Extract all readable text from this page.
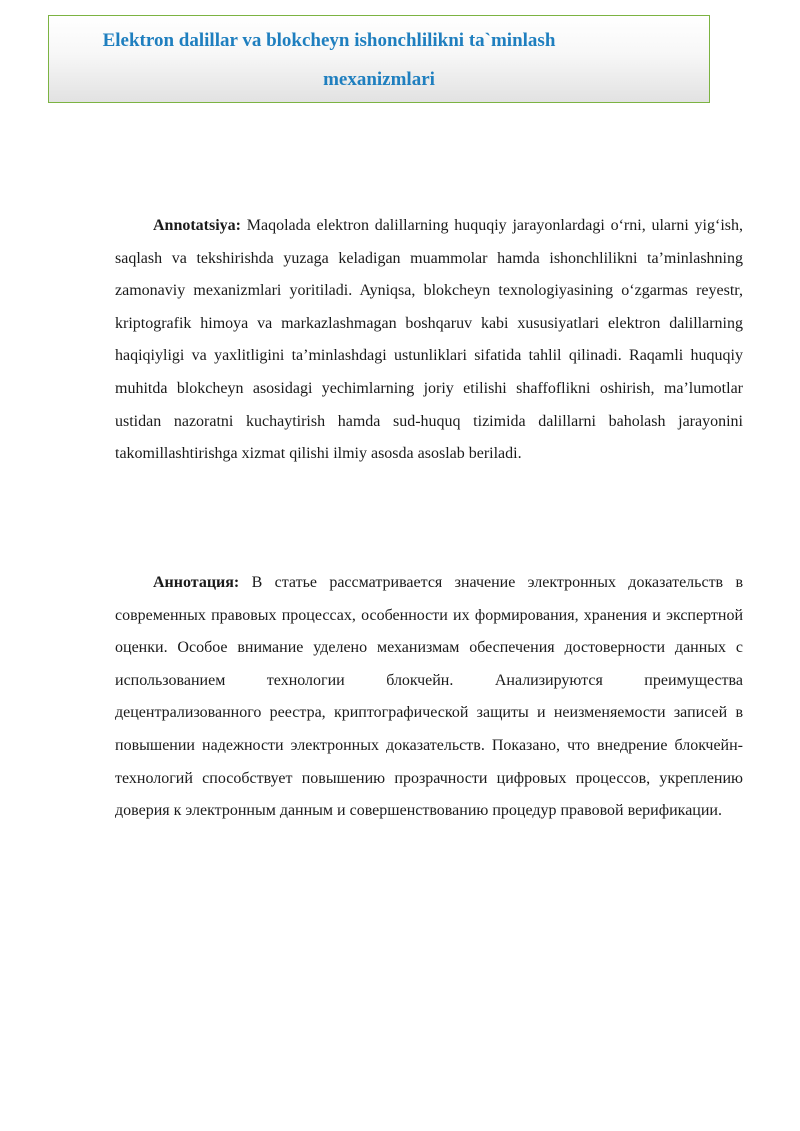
Elektron dalillar va blokcheyn ishonchlilikni ta`minlash
mexanizmlari

Annotatsiya: Maqolada elektron dalillarning huquqiy jarayonlardagi o‘rni, ularni yig‘ish, saqlash va tekshirishda yuzaga keladigan muammolar hamda ishonchlilikni ta’minlashning zamonaviy mexanizmlari yoritiladi. Ayniqsa, blokcheyn texnologiyasining o‘zgarmas reyestr, kriptografik himoya va markazlashmagan boshqaruv kabi xususiyatlari elektron dalillarning haqiqiyligi va yaxlitligini ta’minlashdagi ustunliklari sifatida tahlil qilinadi. Raqamli huquqiy muhitda blokcheyn asosidagi yechimlarning joriy etilishi shaffoflikni oshirish, ma’lumotlar ustidan nazoratni kuchaytirish hamda sud-huquq tizimida dalillarni baholash jarayonini takomillashtirishga xizmat qilishi ilmiy asosda asoslab beriladi.

Аннотация: В статье рассматривается значение электронных доказательств в современных правовых процессах, особенности их формирования, хранения и экспертной оценки. Особое внимание уделено механизмам обеспечения достоверности данных с использованием технологии блокчейн. Анализируются преимущества децентрализованного реестра, криптографической защиты и неизменяемости записей в повышении надежности электронных доказательств. Показано, что внедрение блокчейн-технологий способствует повышению прозрачности цифровых процессов, укреплению доверия к электронным данным и совершенствованию процедур правовой верификации.
